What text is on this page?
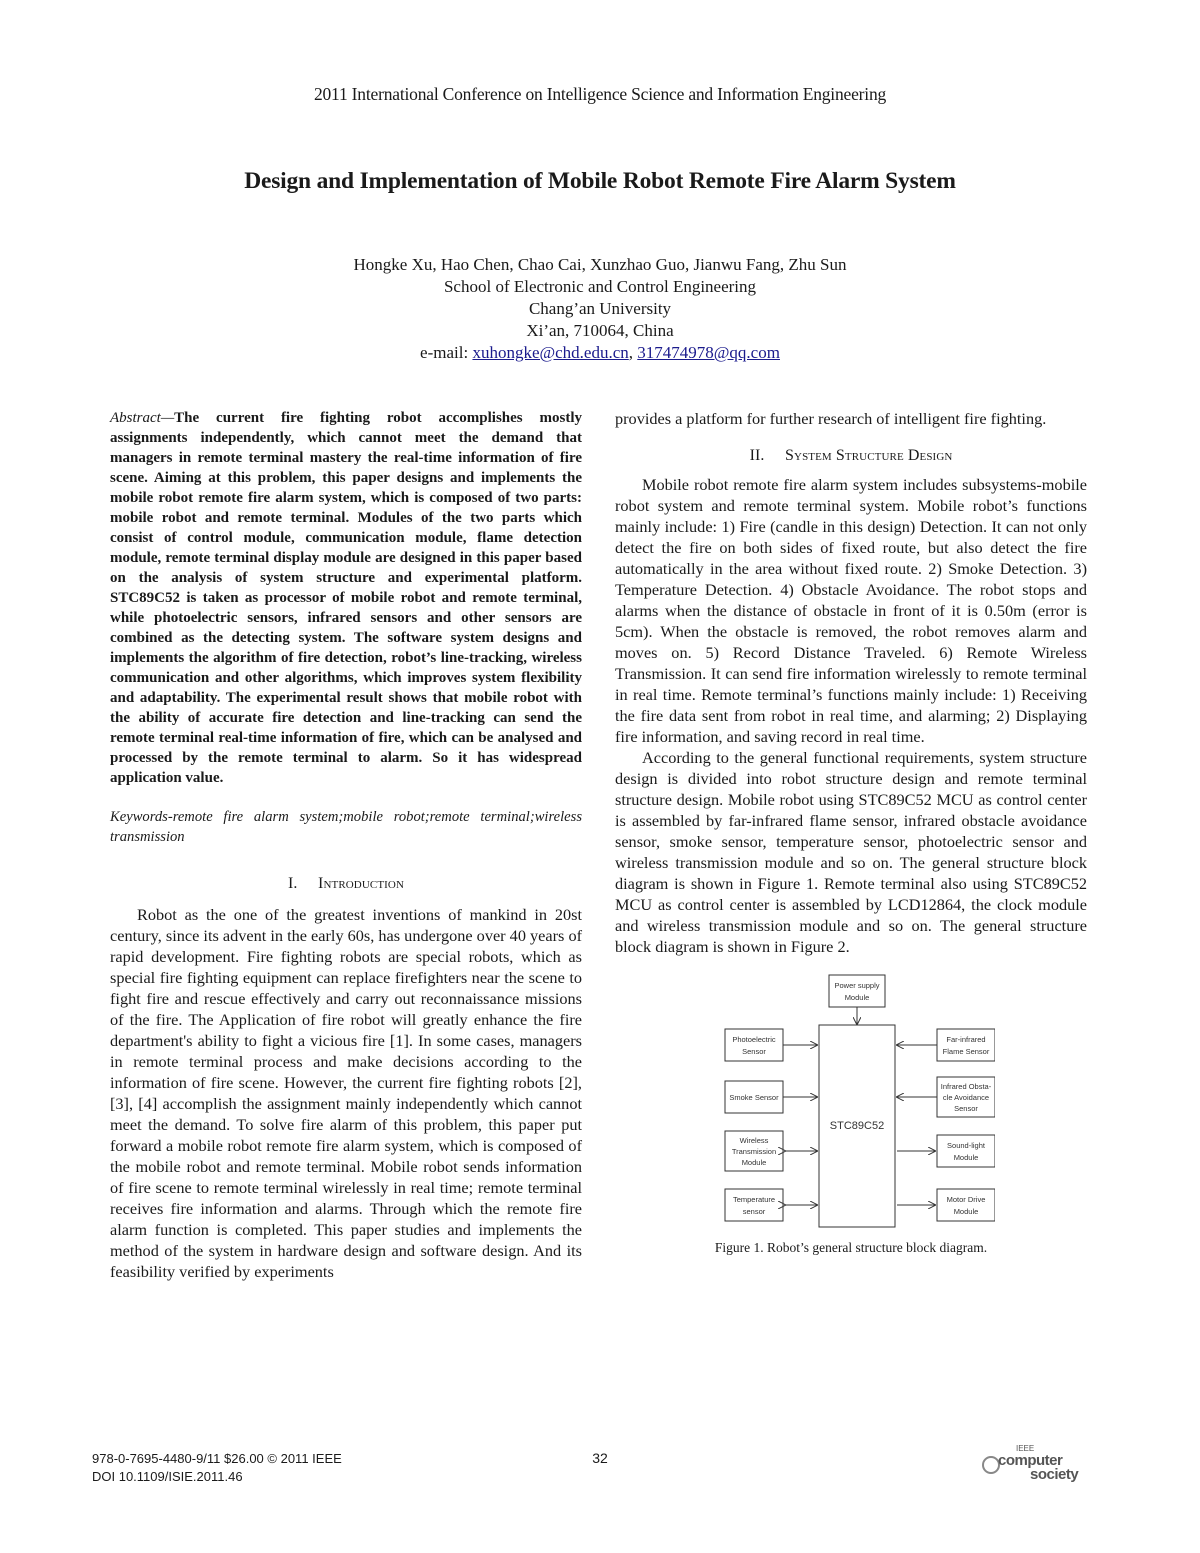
2011 International Conference on Intelligence Science and Information Engineering
Design and Implementation of Mobile Robot Remote Fire Alarm System
Hongke Xu, Hao Chen, Chao Cai, Xunzhao Guo, Jianwu Fang, Zhu Sun
School of Electronic and Control Engineering
Chang’an University
Xi’an, 710064, China
e-mail: xuhongke@chd.edu.cn, 317474978@qq.com

Abstract—The current fire fighting robot accomplishes mostly assignments independently, which cannot meet the demand that managers in remote terminal mastery the real-time information of fire scene. Aiming at this problem, this paper designs and implements the mobile robot remote fire alarm system, which is composed of two parts: mobile robot and remote terminal. Modules of the two parts which consist of control module, communication module, flame detection module, remote terminal display module are designed in this paper based on the analysis of system structure and experimental platform. STC89C52 is taken as processor of mobile robot and remote terminal, while photoelectric sensors, infrared sensors and other sensors are combined as the detecting system. The software system designs and implements the algorithm of fire detection, robot’s line-tracking, wireless communication and other algorithms, which improves system flexibility and adaptability. The experimental result shows that mobile robot with the ability of accurate fire detection and line-tracking can send the remote terminal real-time information of fire, which can be analysed and processed by the remote terminal to alarm. So it has widespread application value.

Keywords-remote fire alarm system;mobile robot;remote terminal;wireless transmission

I. Introduction

Robot as the one of the greatest inventions of mankind in 20st century, since its advent in the early 60s, has undergone over 40 years of rapid development. Fire fighting robots are special robots, which as special fire fighting equipment can replace firefighters near the scene to fight fire and rescue effectively and carry out reconnaissance missions of the fire. The Application of fire robot will greatly enhance the fire department's ability to fight a vicious fire [1]. In some cases, managers in remote terminal process and make decisions according to the information of fire scene. However, the current fire fighting robots [2], [3], [4] accomplish the assignment mainly independently which cannot meet the demand. To solve fire alarm of this problem, this paper put forward a mobile robot remote fire alarm system, which is composed of the mobile robot and remote terminal. Mobile robot sends information of fire scene to remote terminal wirelessly in real time; remote terminal receives fire information and alarms. Through which the remote fire alarm function is completed. This paper studies and implements the method of the system in hardware design and software design. And its feasibility verified by experiments

provides a platform for further research of intelligent fire fighting.

II. System Structure Design

Mobile robot remote fire alarm system includes subsystems-mobile robot system and remote terminal system. Mobile robot’s functions mainly include: 1) Fire (candle in this design) Detection. It can not only detect the fire on both sides of fixed route, but also detect the fire automatically in the area without fixed route. 2) Smoke Detection. 3) Temperature Detection. 4) Obstacle Avoidance. The robot stops and alarms when the distance of obstacle in front of it is 0.50m (error is 5cm). When the obstacle is removed, the robot removes alarm and moves on. 5) Record Distance Traveled. 6) Remote Wireless Transmission. It can send fire information wirelessly to remote terminal in real time. Remote terminal’s functions mainly include: 1) Receiving the fire data sent from robot in real time, and alarming; 2) Displaying fire information, and saving record in real time.

According to the general functional requirements, system structure design is divided into robot structure design and remote terminal structure design. Mobile robot using STC89C52 MCU as control center is assembled by far-infrared flame sensor, infrared obstacle avoidance sensor, smoke sensor, temperature sensor, photoelectric sensor and wireless transmission module and so on. The general structure block diagram is shown in Figure 1. Remote terminal also using STC89C52 MCU as control center is assembled by LCD12864, the clock module and wireless transmission module and so on. The general structure block diagram is shown in Figure 2.

Power supply
Module
STC89C52
Photoelectric
Sensor
Smoke Sensor
Wireless
Transmission
Module
Temperature
sensor
Far-infrared
Flame Sensor
Infrared Obsta-
cle Avoidance
Sensor
Sound-light
Module
Motor Drive
Module
Figure 1. Robot’s general structure block diagram.
978-0-7695-4480-9/11 $26.00 © 2011 IEEE
DOI 10.1109/ISIE.2011.46
32
IEEE
computer
society
